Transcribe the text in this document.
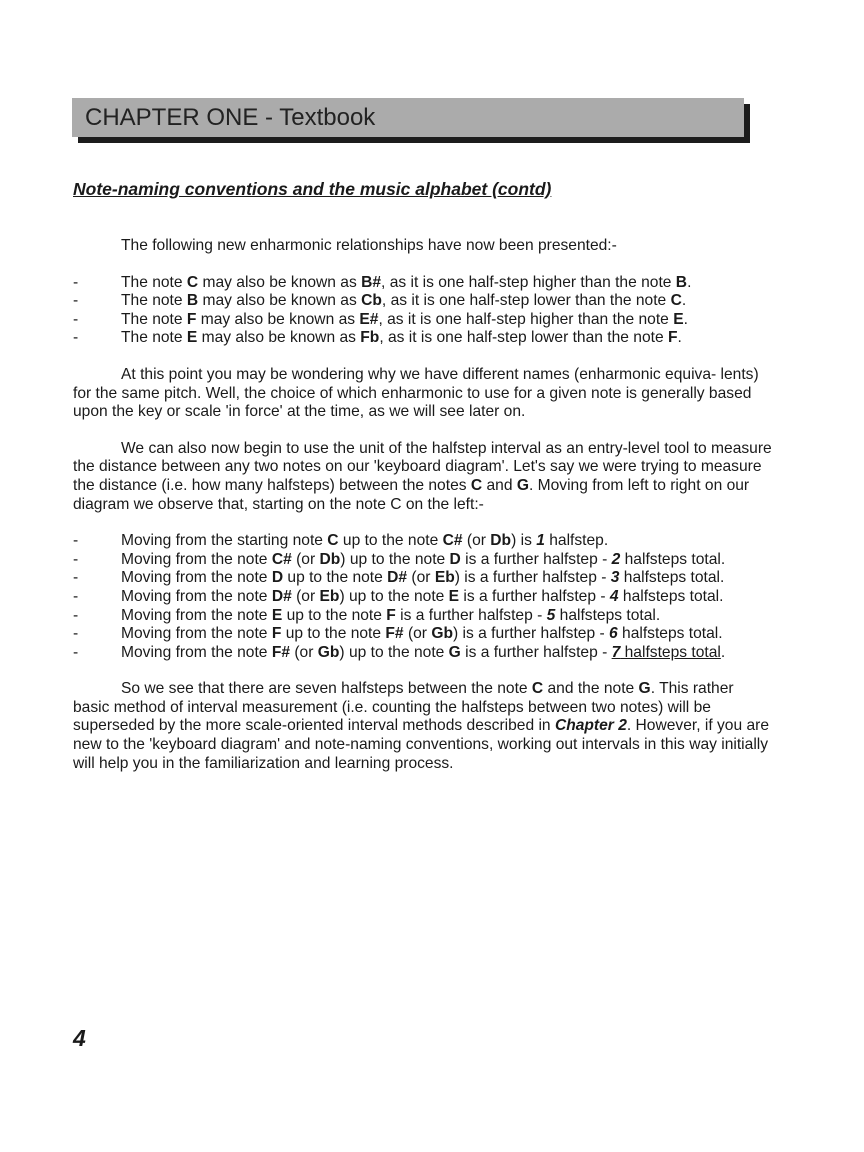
CHAPTER ONE - Textbook
Note-naming conventions and the music alphabet (contd)

The following new enharmonic relationships have now been presented:-

-	The note C may also be known as B#, as it is one half-step higher than the note B.
-	The note B may also be known as Cb, as it is one half-step lower than the note C.
-	The note F may also be known as E#, as it is one half-step higher than the note E.
-	The note E may also be known as Fb, as it is one half-step lower than the note F.

At this point you may be wondering why we have different names (enharmonic equiva- lents) for the same pitch. Well, the choice of which enharmonic to use for a given note is generally based upon the key or scale 'in force' at the time, as we will see later on.

We can also now begin to use the unit of the halfstep interval as an entry-level tool to measure the distance between any two notes on our 'keyboard diagram'. Let's say we were trying to measure the distance (i.e. how many halfsteps) between the notes C and G. Moving from left to right on our diagram we observe that, starting on the note C on the left:-

-	Moving from the starting note C up to the note C# (or Db) is 1 halfstep.
-	Moving from the note C# (or Db) up to the note D is a further halfstep - 2 halfsteps total.
-	Moving from the note D up to the note D# (or Eb) is a further halfstep - 3 halfsteps total.
-	Moving from the note D# (or Eb) up to the note E is a further halfstep - 4 halfsteps total.
-	Moving from the note E up to the note F is a further halfstep - 5 halfsteps total.
-	Moving from the note F up to the note F# (or Gb) is a further halfstep - 6 halfsteps total.
-	Moving from the note F# (or Gb) up to the note G is a further halfstep - 7 halfsteps total.

So we see that there are seven halfsteps between the note C and the note G. This rather basic method of interval measurement (i.e. counting the halfsteps between two notes) will be superseded by the more scale-oriented interval methods described in Chapter 2. However, if you are new to the 'keyboard diagram' and note-naming conventions, working out intervals in this way initially will help you in the familiarization and learning process.

4
